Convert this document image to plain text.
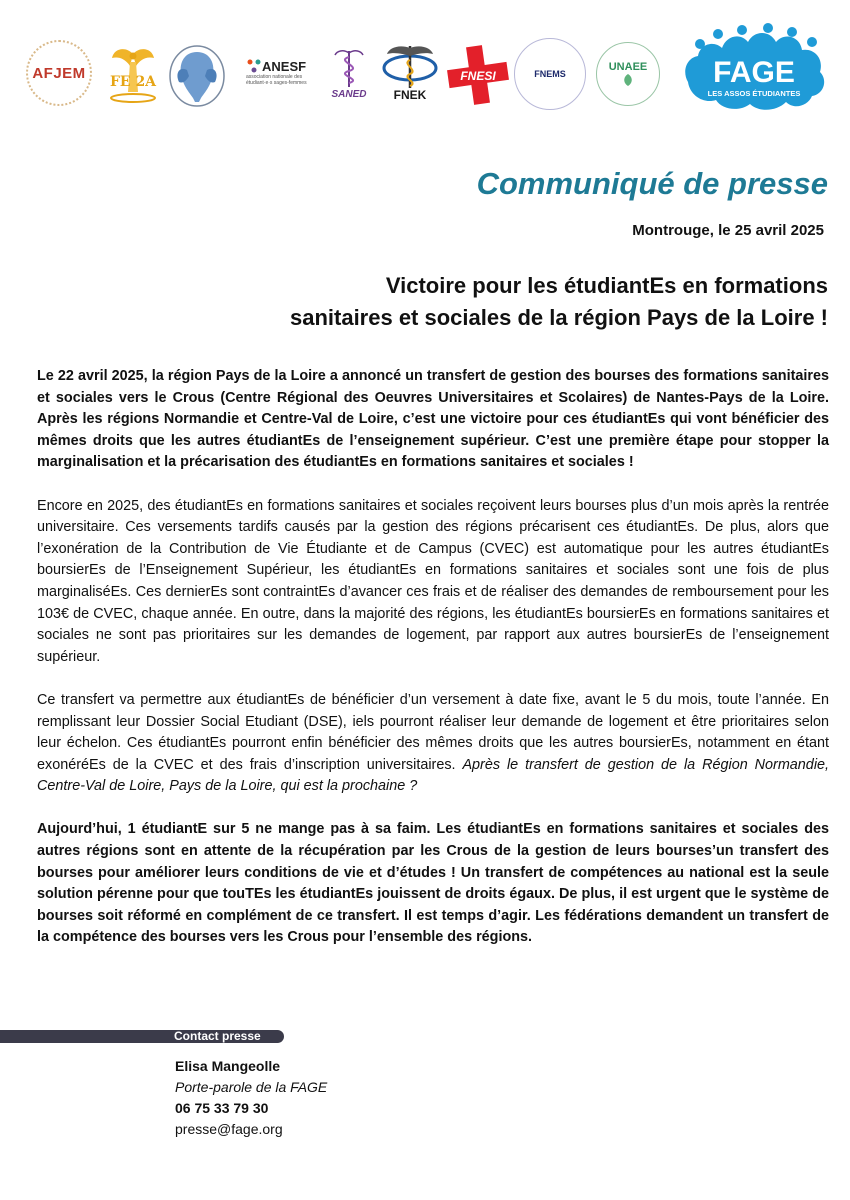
AFJEM
FE 2A
ANESF
association nationale des étudiant·e·s sages-femmes
SANED FNEK
FNESI	FNEMS
UNAEE FAGE
LES ASSOS ÉTUDIANTES
Communiqué de presse
Montrouge, le 25 avril 2025
Victoire pour les étudiantEs en formations
sanitaires et sociales de la région Pays de la Loire !

Le 22 avril 2025, la région Pays de la Loire a annoncé un transfert de gestion des bourses des formations sanitaires et sociales vers le Crous (Centre Régional des Oeuvres Universitaires et Scolaires) de Nantes-Pays de la Loire. Après les régions Normandie et Centre-Val de Loire, c’est une victoire pour ces étudiantEs qui vont bénéficier des mêmes droits que les autres étudiantEs de l’enseignement supérieur. C’est une première étape pour stopper la marginalisation et la précarisation des étudiantEs en formations sanitaires et sociales !

Encore en 2025, des étudiantEs en formations sanitaires et sociales reçoivent leurs bourses plus d’un mois après la rentrée universitaire. Ces versements tardifs causés par la gestion des régions précarisent ces étudiantEs. De plus, alors que l’exonération de la Contribution de Vie Étudiante et de Campus (CVEC) est automatique pour les autres étudiantEs boursierEs de l’Enseignement Supérieur, les étudiantEs en formations sanitaires et sociales sont une fois de plus marginaliséEs. Ces dernierEs sont contraintEs d’avancer ces frais et de réaliser des demandes de remboursement pour les 103€ de CVEC, chaque année. En outre, dans la majorité des régions, les étudiantEs boursierEs en formations sanitaires et sociales ne sont pas prioritaires sur les demandes de logement, par rapport aux autres boursierEs de l’enseignement supérieur.

Ce transfert va permettre aux étudiantEs de bénéficier d’un versement à date fixe, avant le 5 du mois, toute l’année. En remplissant leur Dossier Social Etudiant (DSE), iels pourront réaliser leur demande de logement et être prioritaires selon leur échelon. Ces étudiantEs pourront enfin bénéficier des mêmes droits que les autres boursierEs, notamment en étant exonéréEs de la CVEC et des frais d’inscription universitaires. Après le transfert de gestion de la Région Normandie, Centre-Val de Loire, Pays de la Loire, qui est la prochaine ?

Aujourd’hui, 1 étudiantE sur 5 ne mange pas à sa faim. Les étudiantEs en formations sanitaires et sociales des autres régions sont en attente de la récupération par les Crous de la gestion de leurs bourses’un transfert des bourses pour améliorer leurs conditions de vie et d’études ! Un transfert de compétences au national est la seule solution pérenne pour que touTEs les étudiantEs jouissent de droits égaux. De plus, il est urgent que le système de bourses soit réformé en complément de ce transfert. Il est temps d’agir. Les fédérations demandent un transfert de la compétence des bourses vers les Crous pour l’ensemble des régions.

Contact presse
Elisa Mangeolle
Porte-parole de la FAGE
06 75 33 79 30
presse@fage.org
